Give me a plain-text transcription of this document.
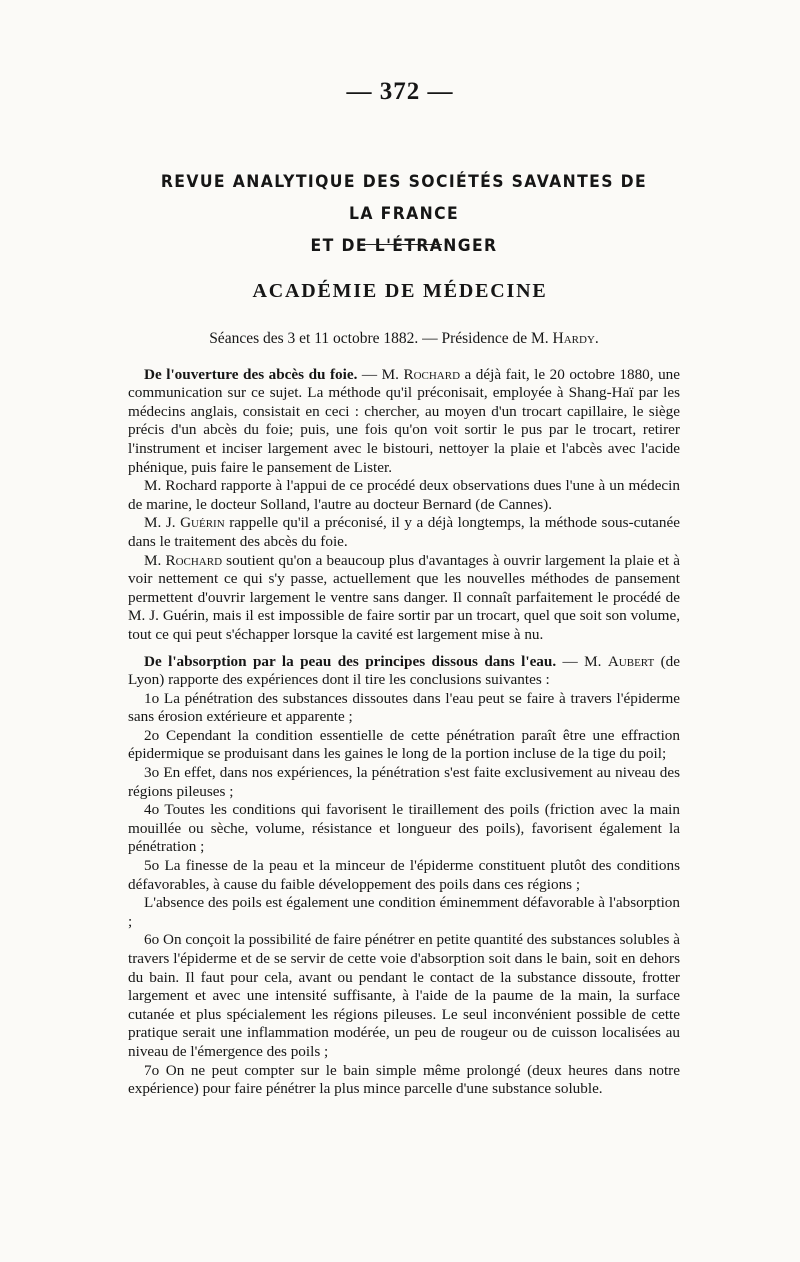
— 372 —
REVUE ANALYTIQUE DES SOCIÉTÉS SAVANTES DE LA FRANCE
ET DE L'ÉTRANGER
ACADÉMIE DE MÉDECINE

Séances des 3 et 11 octobre 1882. — Présidence de M. Hardy.

De l'ouverture des abcès du foie. — M. Rochard a déjà fait, le 20 octobre 1880, une communication sur ce sujet. La méthode qu'il préconisait, employée à Shang-Haï par les médecins anglais, consistait en ceci : chercher, au moyen d'un trocart capillaire, le siège précis d'un abcès du foie; puis, une fois qu'on voit sortir le pus par le trocart, retirer l'instrument et inciser largement avec le bistouri, nettoyer la plaie et l'abcès avec l'acide phénique, puis faire le pansement de Lister.

M. Rochard rapporte à l'appui de ce procédé deux observations dues l'une à un médecin de marine, le docteur Solland, l'autre au docteur Bernard (de Cannes).

M. J. Guérin rappelle qu'il a préconisé, il y a déjà longtemps, la méthode sous-cutanée dans le traitement des abcès du foie.

M. Rochard soutient qu'on a beaucoup plus d'avantages à ouvrir largement la plaie et à voir nettement ce qui s'y passe, actuellement que les nouvelles méthodes de pansement permettent d'ouvrir largement le ventre sans danger. Il connaît parfaitement le procédé de M. J. Guérin, mais il est impossible de faire sortir par un trocart, quel que soit son volume, tout ce qui peut s'échapper lorsque la cavité est largement mise à nu.

De l'absorption par la peau des principes dissous dans l'eau. — M. Aubert (de Lyon) rapporte des expériences dont il tire les conclusions suivantes :

1o La pénétration des substances dissoutes dans l'eau peut se faire à travers l'épiderme sans érosion extérieure et apparente ;

2o Cependant la condition essentielle de cette pénétration paraît être une effraction épidermique se produisant dans les gaines le long de la portion incluse de la tige du poil;

3o En effet, dans nos expériences, la pénétration s'est faite exclusivement au niveau des régions pileuses ;

4o Toutes les conditions qui favorisent le tiraillement des poils (friction avec la main mouillée ou sèche, volume, résistance et longueur des poils), favorisent également la pénétration ;

5o La finesse de la peau et la minceur de l'épiderme constituent plutôt des conditions défavorables, à cause du faible développement des poils dans ces régions ;

L'absence des poils est également une condition éminemment défavorable à l'absorption ;

6o On conçoit la possibilité de faire pénétrer en petite quantité des substances solubles à travers l'épiderme et de se servir de cette voie d'absorption soit dans le bain, soit en dehors du bain. Il faut pour cela, avant ou pendant le contact de la substance dissoute, frotter largement et avec une intensité suffisante, à l'aide de la paume de la main, la surface cutanée et plus spécialement les régions pileuses. Le seul inconvénient possible de cette pratique serait une inflammation modérée, un peu de rougeur ou de cuisson localisées au niveau de l'émergence des poils ;

7o On ne peut compter sur le bain simple même prolongé (deux heures dans notre expérience) pour faire pénétrer la plus mince parcelle d'une substance soluble.
